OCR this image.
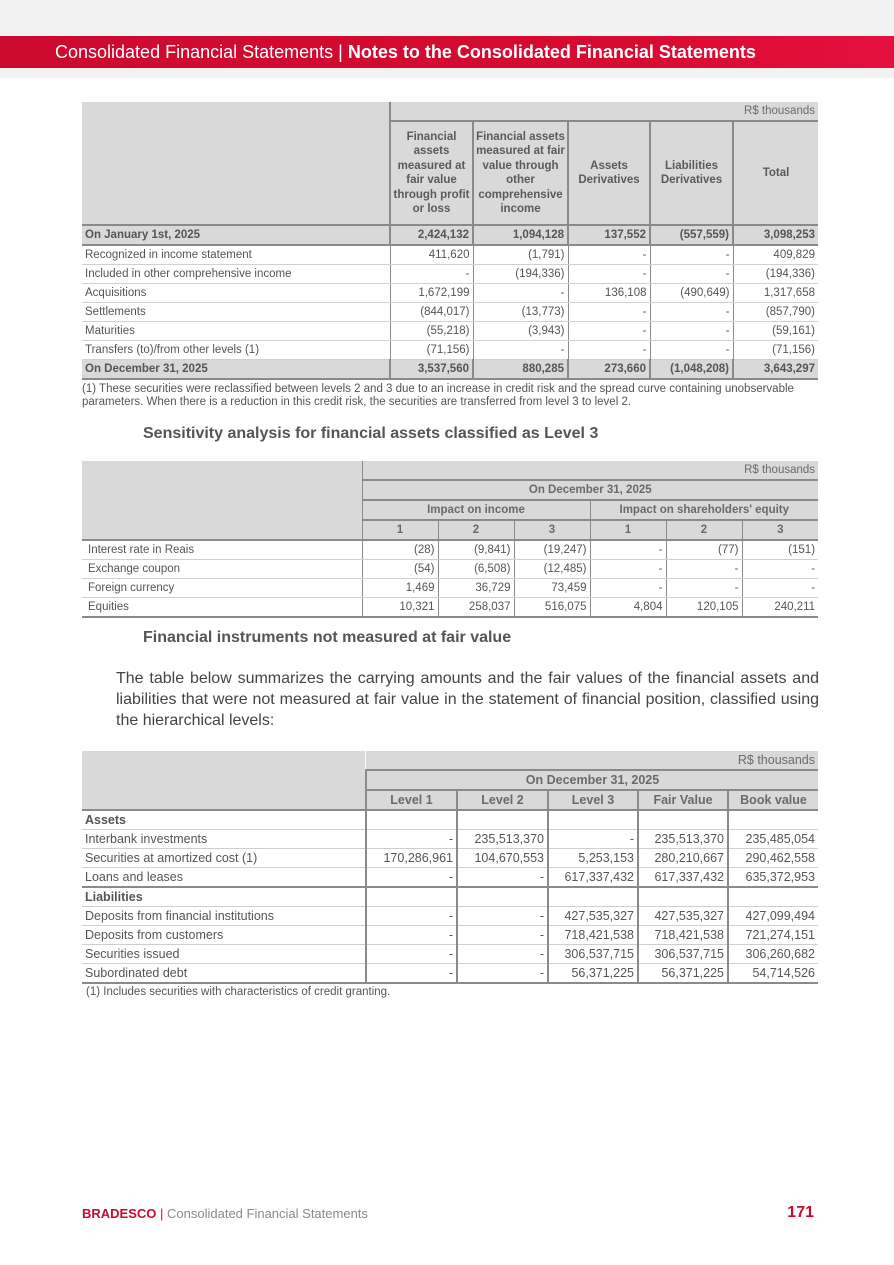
Consolidated Financial Statements | Notes to the Consolidated Financial Statements
	R$ thousands				
	Financial assets measured at fair value through profit or loss	Financial assets measured at fair value through other comprehensive income	Assets Derivatives	Liabilities Derivatives	Total
On January 1st, 2025	2,424,132	1,094,128	137,552	(557,559)	3,098,253
Recognized in income statement	411,620	(1,791)	-	-	409,829
Included in other comprehensive income	-	(194,336)	-	-	(194,336)
Acquisitions	1,672,199	-	136,108	(490,649)	1,317,658
Settlements	(844,017)	(13,773)	-	-	(857,790)
Maturities	(55,218)	(3,943)	-	-	(59,161)
Transfers (to)/from other levels (1)	(71,156)	-	-	-	(71,156)
On December 31, 2025	3,537,560	880,285	273,660	(1,048,208)	3,643,297
(1) These securities were reclassified between levels 2 and 3 due to an increase in credit risk and the spread curve containing unobservable parameters. When there is a reduction in this credit risk, the securities are transferred from level 3 to level 2.
Sensitivity analysis for financial assets classified as Level 3
	R$ thousands					
	On December 31, 2025					
	Impact on income			Impact on shareholders' equity		
	1	2	3	1	2	3
Interest rate in Reais	(28)	(9,841)	(19,247)	-	(77)	(151)
Exchange coupon	(54)	(6,508)	(12,485)	-	-	-
Foreign currency	1,469	36,729	73,459	-	-	-
Equities	10,321	258,037	516,075	4,804	120,105	240,211
Financial instruments not measured at fair value
The table below summarizes the carrying amounts and the fair values of the financial assets and liabilities that were not measured at fair value in the statement of financial position, classified using the hierarchical levels:
	R$ thousands				
	On December 31, 2025				
	Level 1	Level 2	Level 3	Fair Value	Book value
Assets					
Interbank investments	-	235,513,370	-	235,513,370	235,485,054
Securities at amortized cost (1)	170,286,961	104,670,553	5,253,153	280,210,667	290,462,558
Loans and leases	-	-	617,337,432	617,337,432	635,372,953
Liabilities					
Deposits from financial institutions	-	-	427,535,327	427,535,327	427,099,494
Deposits from customers	-	-	718,421,538	718,421,538	721,274,151
Securities issued	-	-	306,537,715	306,537,715	306,260,682
Subordinated debt	-	-	56,371,225	56,371,225	54,714,526
(1) Includes securities with characteristics of credit granting.
BRADESCO | Consolidated Financial Statements	171
